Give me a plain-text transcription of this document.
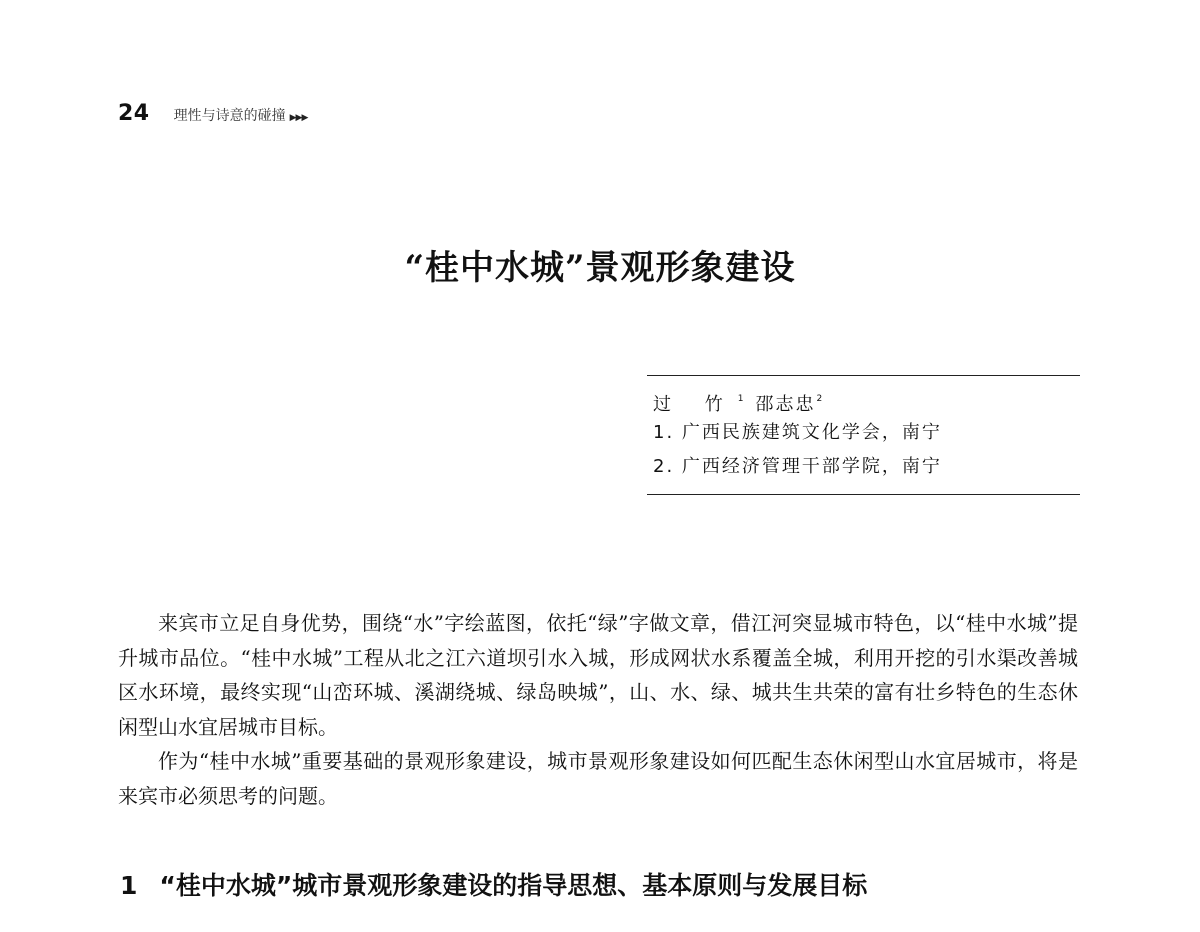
24 理性与诗意的碰撞 ▶▶▶
“桂中水城”景观形象建设
过 竹$^1$ 邵志忠$^2$
1. 广西民族建筑文化学会，南宁
2. 广西经济管理干部学院，南宁

来宾市立足自身优势，围绕“水”字绘蓝图，依托“绿”字做文章，借江河突显城市特色，以“桂中水城”提升城市品位。“桂中水城”工程从北之江六道坝引水入城，形成网状水系覆盖全城，利用开挖的引水渠改善城区水环境，最终实现“山峦环城、溪湖绕城、绿岛映城”，山、水、绿、城共生共荣的富有壮乡特色的生态休闲型山水宜居城市目标。

作为“桂中水城”重要基础的景观形象建设，城市景观形象建设如何匹配生态休闲型山水宜居城市，将是来宾市必须思考的问题。

1 “桂中水城”城市景观形象建设的指导思想、基本原则与发展目标
